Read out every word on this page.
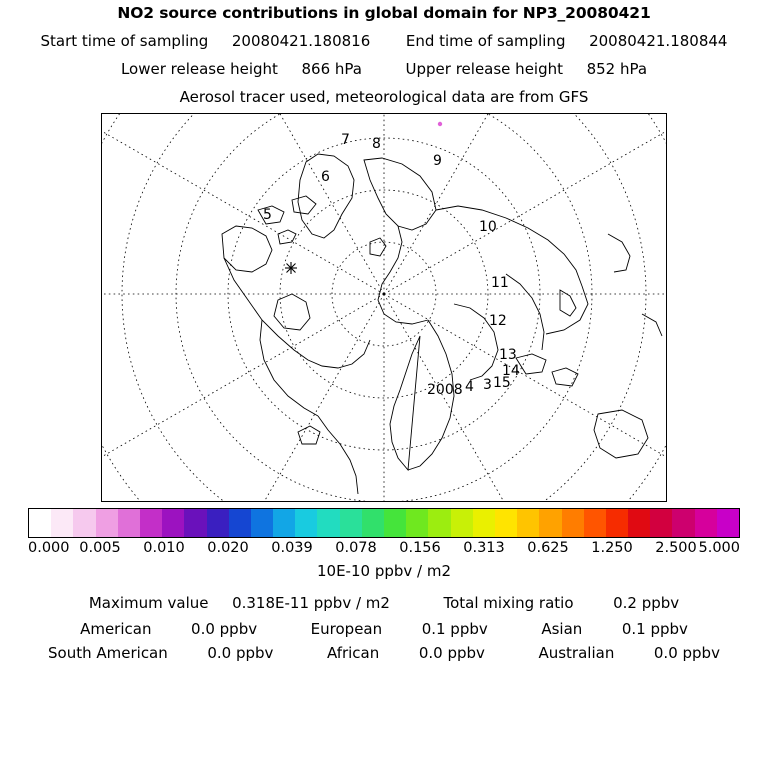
NO2 source contributions in global domain for NP3_20080421
Start time of sampling 20080421.180816 End time of sampling 20080421.180844
Lower release height 866 hPa	Upper release height 852 hPa
Aerosol tracer used, meteorological data are from GFS
7 8
9
6
5
10
11
12
13
14
15
2008 4 3
0.000 0.005 0.010 0.020 0.039 0.078 0.156 0.313 0.625 1.250 2.500 5.000
10E-10 ppbv / m2
Maximum value 0.318E-11 ppbv / m2	Total mixing ratio	0.2 ppbv
American	0.0 ppbv	European	0.1 ppbv	Asian	0.1 ppbv
South American	0.0 ppbv	African	0.0 ppbv	Australian	0.0 ppbv
